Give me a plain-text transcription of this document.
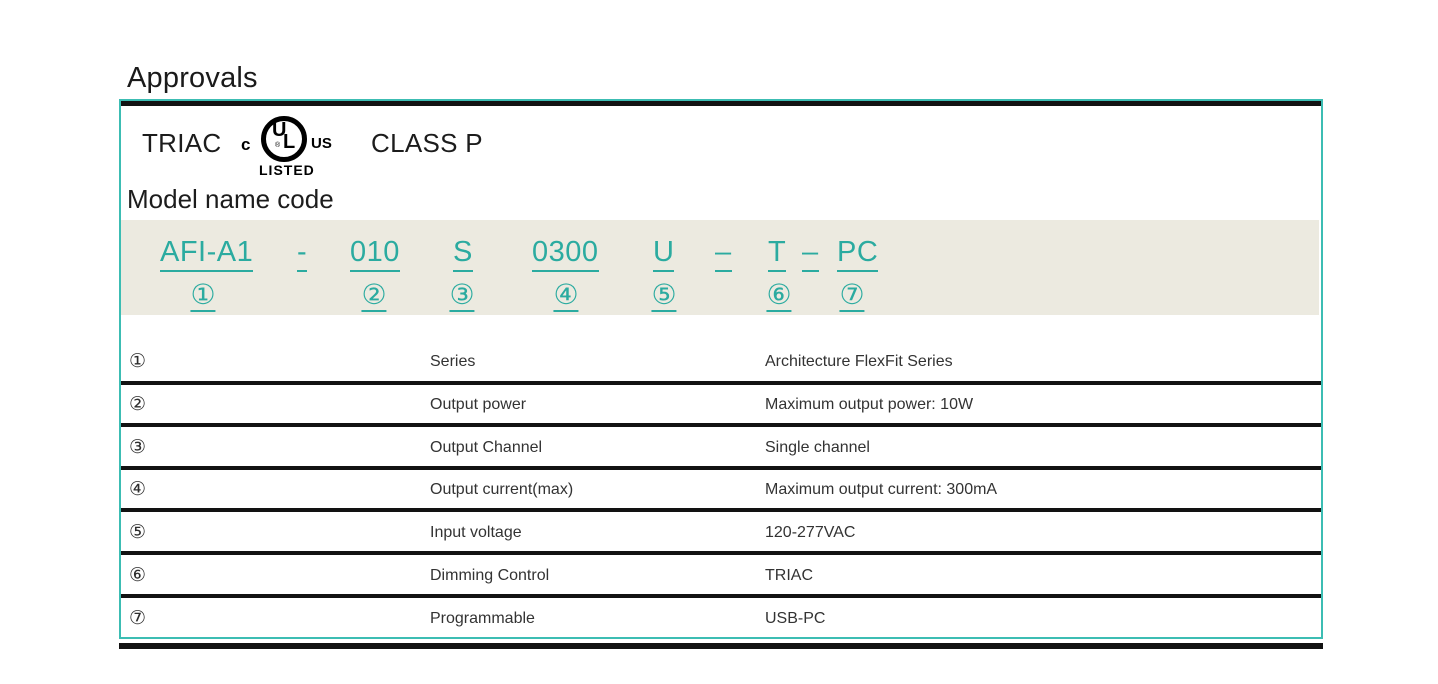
Approvals
TRIAC c
U
L
® US
LISTED
CLASS P
Model name code
AFI-A1 - 010 S 0300 U – T – PC
①	② ③	④	⑤	⑥ ⑦
①	Series	Architecture FlexFit Series
②	Output power	Maximum output power: 10W
③	Output Channel	Single channel
④	Output current(max)	Maximum output current: 300mA
⑤	Input voltage	120-277VAC
⑥	Dimming Control	TRIAC
⑦	Programmable	USB-PC
